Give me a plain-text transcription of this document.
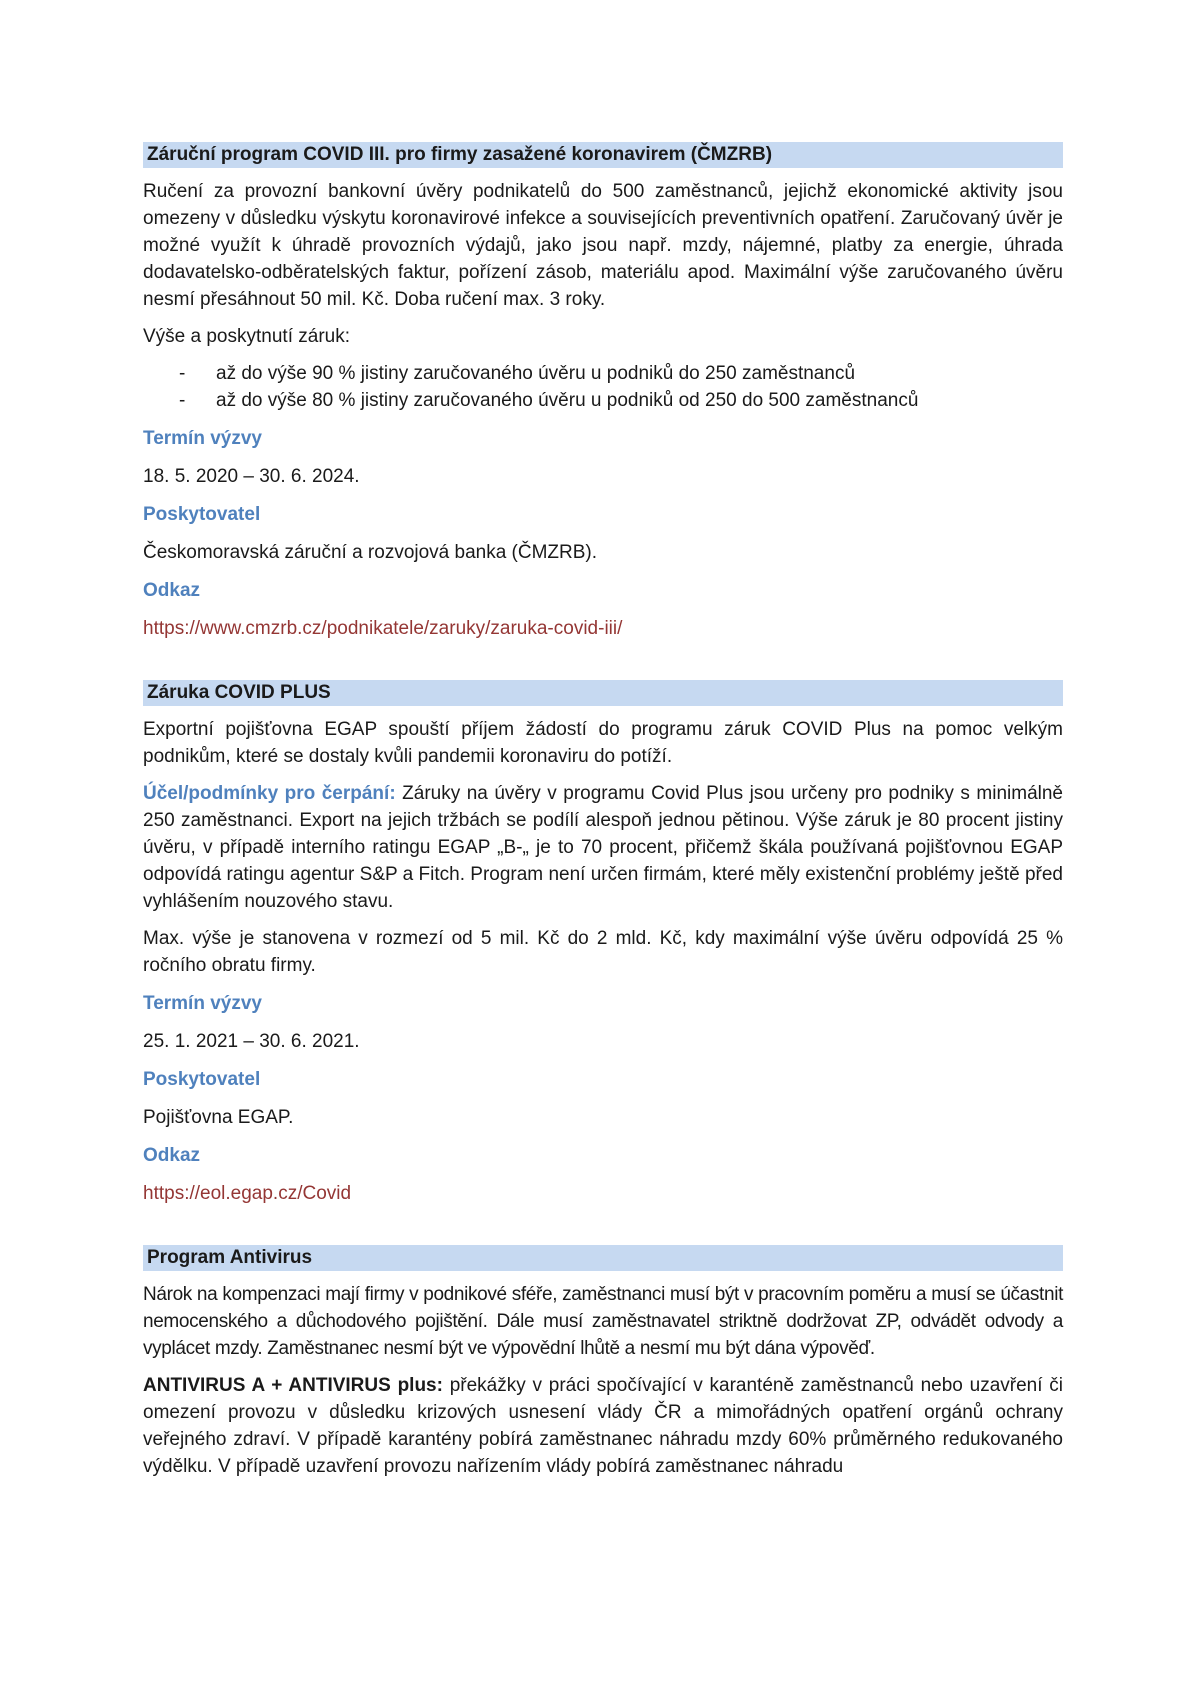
Záruční program COVID III. pro firmy zasažené koronavirem (ČMZRB)

Ručení za provozní bankovní úvěry podnikatelů do 500 zaměstnanců, jejichž ekonomické aktivity jsou omezeny v důsledku výskytu koronavirové infekce a souvisejících preventivních opatření. Zaručovaný úvěr je možné využít k úhradě provozních výdajů, jako jsou např. mzdy, nájemné, platby za energie, úhrada dodavatelsko-odběratelských faktur, pořízení zásob, materiálu apod. Maximální výše zaručovaného úvěru nesmí přesáhnout 50 mil. Kč. Doba ručení max. 3 roky.

Výše a poskytnutí záruk:

- až do výše 90 % jistiny zaručovaného úvěru u podniků do 250 zaměstnanců
- až do výše 80 % jistiny zaručovaného úvěru u podniků od 250 do 500 zaměstnanců

Termín výzvy

18. 5. 2020 – 30. 6. 2024.

Poskytovatel

Českomoravská záruční a rozvojová banka (ČMZRB).

Odkaz

https://www.cmzrb.cz/podnikatele/zaruky/zaruka-covid-iii/

Záruka COVID PLUS

Exportní pojišťovna EGAP spouští příjem žádostí do programu záruk COVID Plus na pomoc velkým podnikům, které se dostaly kvůli pandemii koronaviru do potíží.

Účel/podmínky pro čerpání: Záruky na úvěry v programu Covid Plus jsou určeny pro podniky s minimálně 250 zaměstnanci. Export na jejich tržbách se podílí alespoň jednou pětinou. Výše záruk je 80 procent jistiny úvěru, v případě interního ratingu EGAP „B-„ je to 70 procent, přičemž škála používaná pojišťovnou EGAP odpovídá ratingu agentur S&P a Fitch. Program není určen firmám, které měly existenční problémy ještě před vyhlášením nouzového stavu.

Max. výše je stanovena v rozmezí od 5 mil. Kč do 2 mld. Kč, kdy maximální výše úvěru odpovídá 25 % ročního obratu firmy.

Termín výzvy

25. 1. 2021 – 30. 6. 2021.

Poskytovatel

Pojišťovna EGAP.

Odkaz

https://eol.egap.cz/Covid

Program Antivirus

Nárok na kompenzaci mají firmy v podnikové sféře, zaměstnanci musí být v pracovním poměru a musí se účastnit nemocenského a důchodového pojištění. Dále musí zaměstnavatel striktně dodržovat ZP, odvádět odvody a vyplácet mzdy. Zaměstnanec nesmí být ve výpovědní lhůtě a nesmí mu být dána výpověď.

ANTIVIRUS A + ANTIVIRUS plus: překážky v práci spočívající v karanténě zaměstnanců nebo uzavření či omezení provozu v důsledku krizových usnesení vlády ČR a mimořádných opatření orgánů ochrany veřejného zdraví. V případě karantény pobírá zaměstnanec náhradu mzdy 60% průměrného redukovaného výdělku. V případě uzavření provozu nařízením vlády pobírá zaměstnanec náhradu
